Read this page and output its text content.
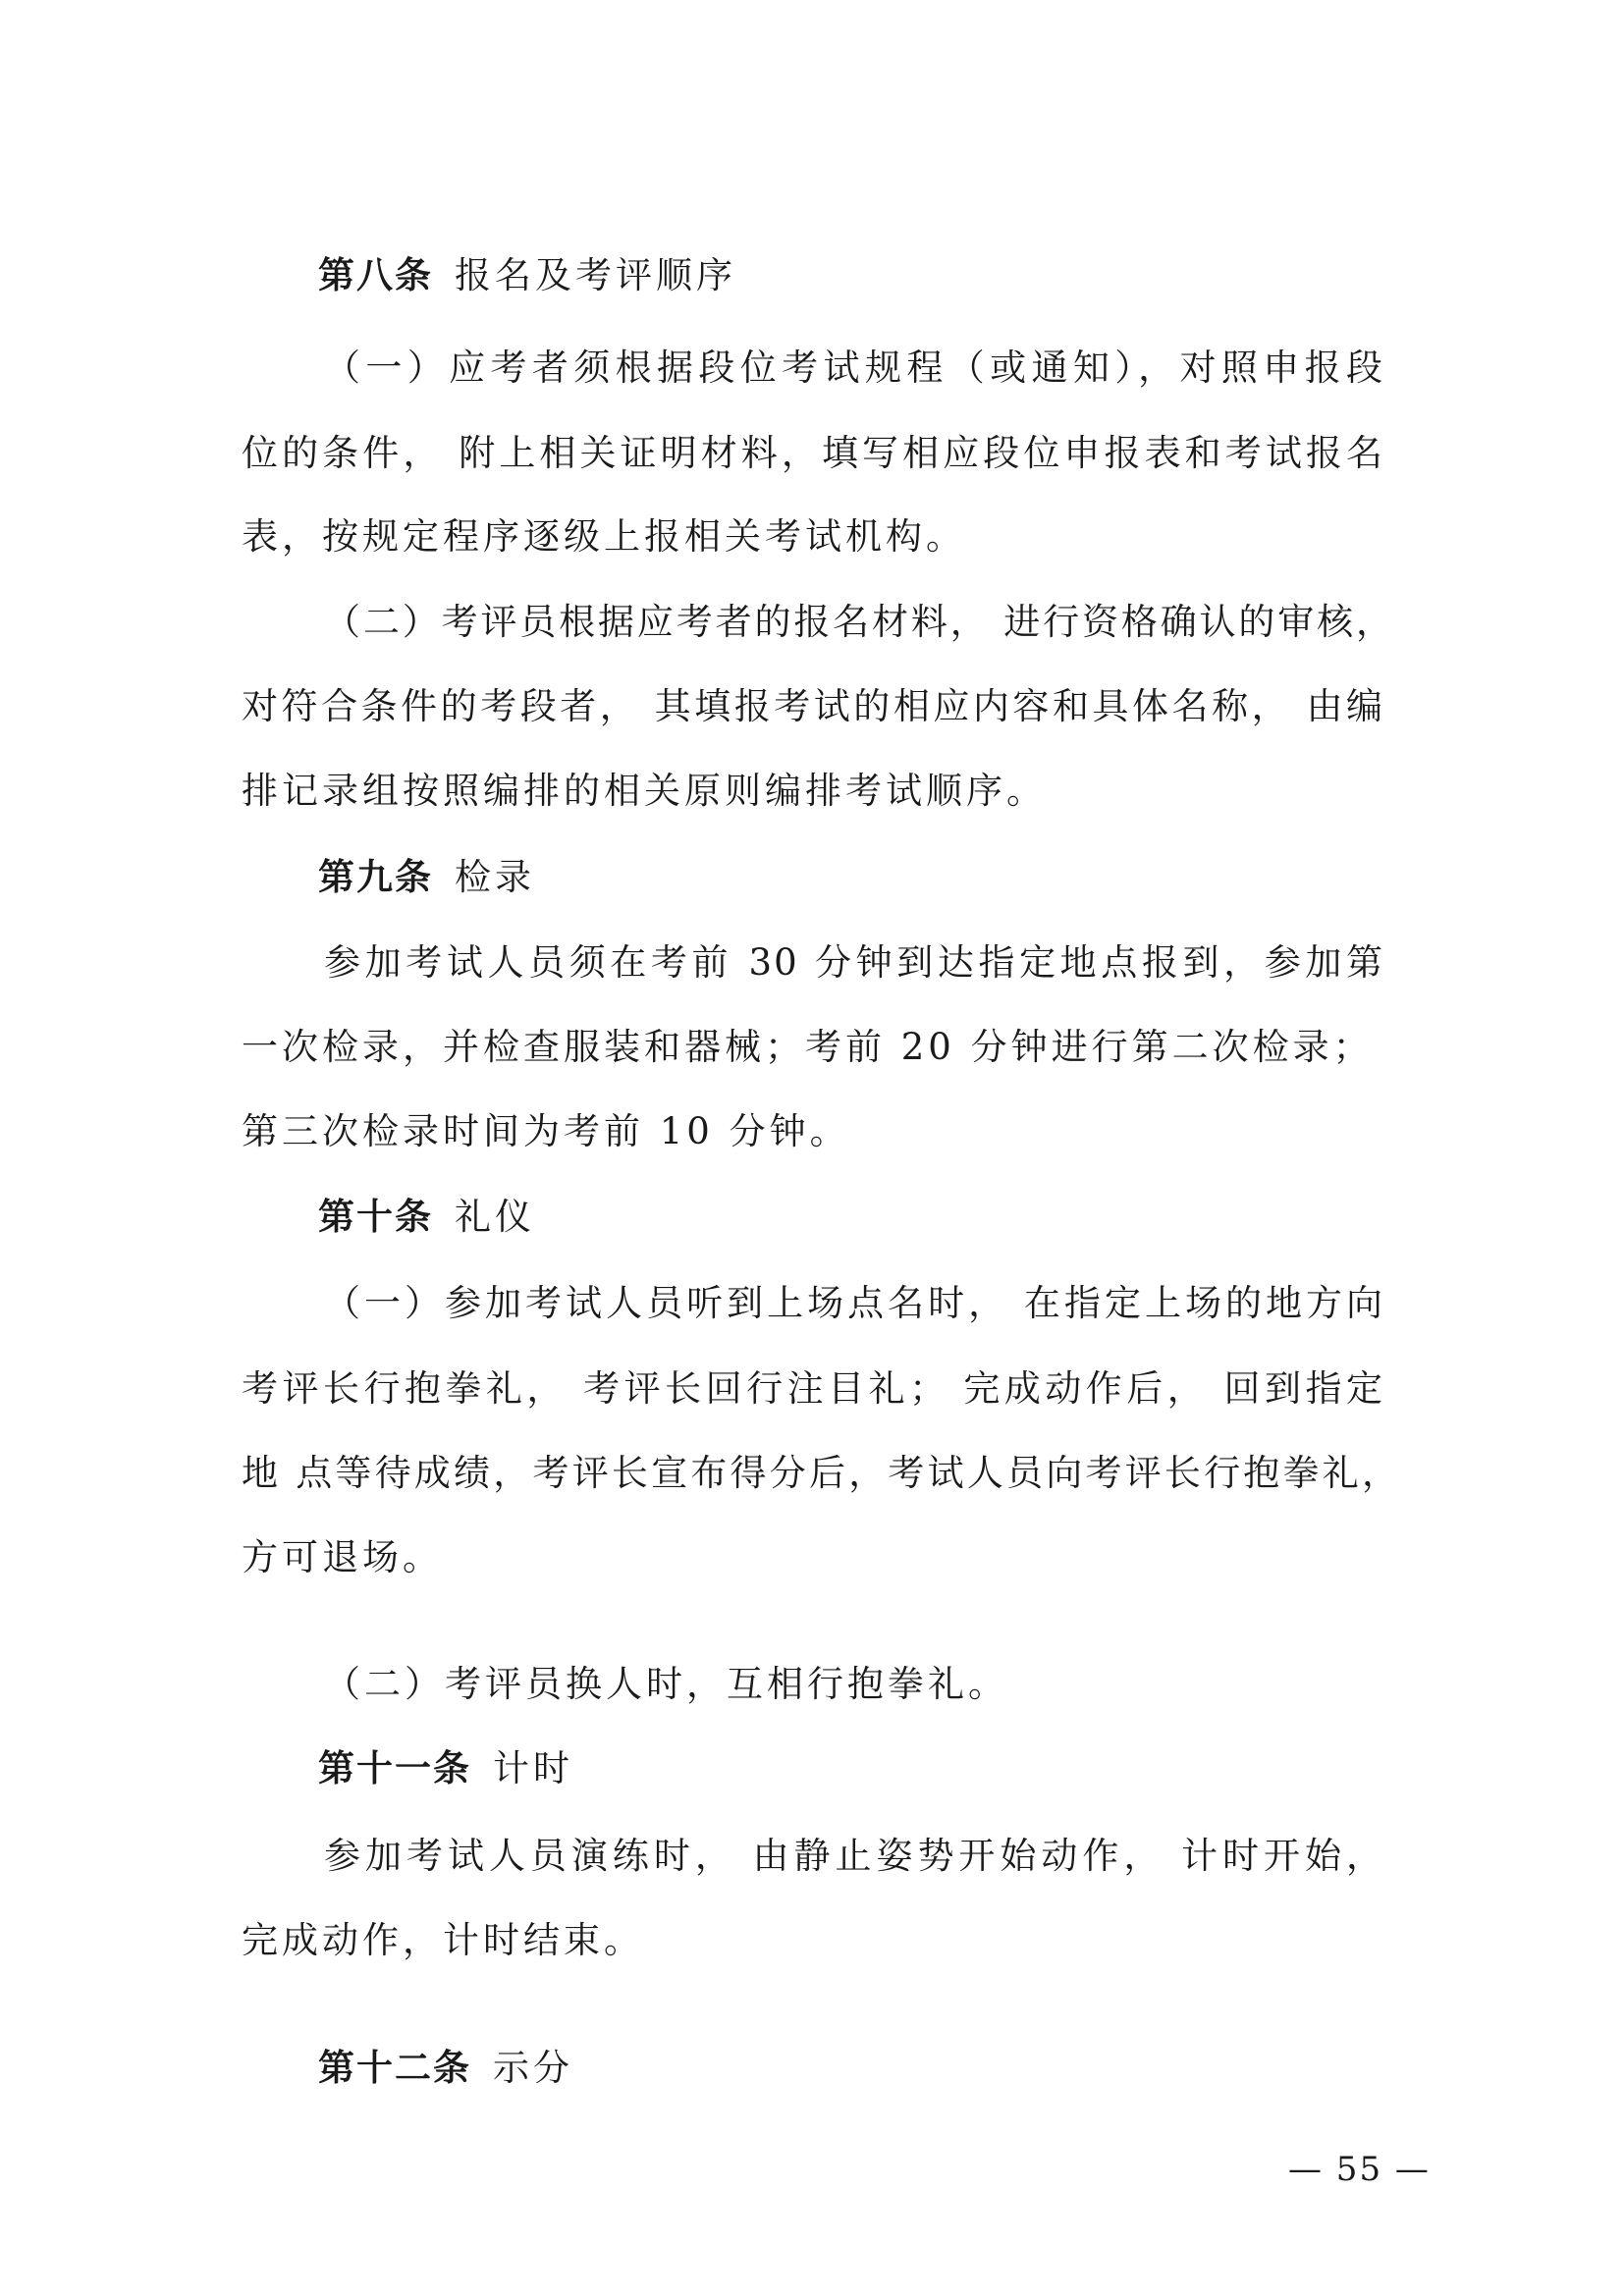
第八条 报名及考评顺序
（一）应考者须根据段位考试规程（或通知），对照申报段
位的条件， 附上相关证明材料，填写相应段位申报表和考试报名
表，按规定程序逐级上报相关考试机构。
（二）考评员根据应考者的报名材料， 进行资格确认的审核，
对符合条件的考段者， 其填报考试的相应内容和具体名称， 由编
排记录组按照编排的相关原则编排考试顺序。
第九条 检录
参加考试人员须在考前 30 分钟到达指定地点报到，参加第
一次检录，并检查服装和器械；考前 20 分钟进行第二次检录；
第三次检录时间为考前 10 分钟。
第十条 礼仪
（一）参加考试人员听到上场点名时， 在指定上场的地方向
考评长行抱拳礼， 考评长回行注目礼； 完成动作后， 回到指定
地 点等待成绩，考评长宣布得分后，考试人员向考评长行抱拳礼，
方可退场。
（二）考评员换人时，互相行抱拳礼。
第十一条 计时
参加考试人员演练时， 由静止姿势开始动作， 计时开始，
完成动作，计时结束。
第十二条 示分
— 55 —
